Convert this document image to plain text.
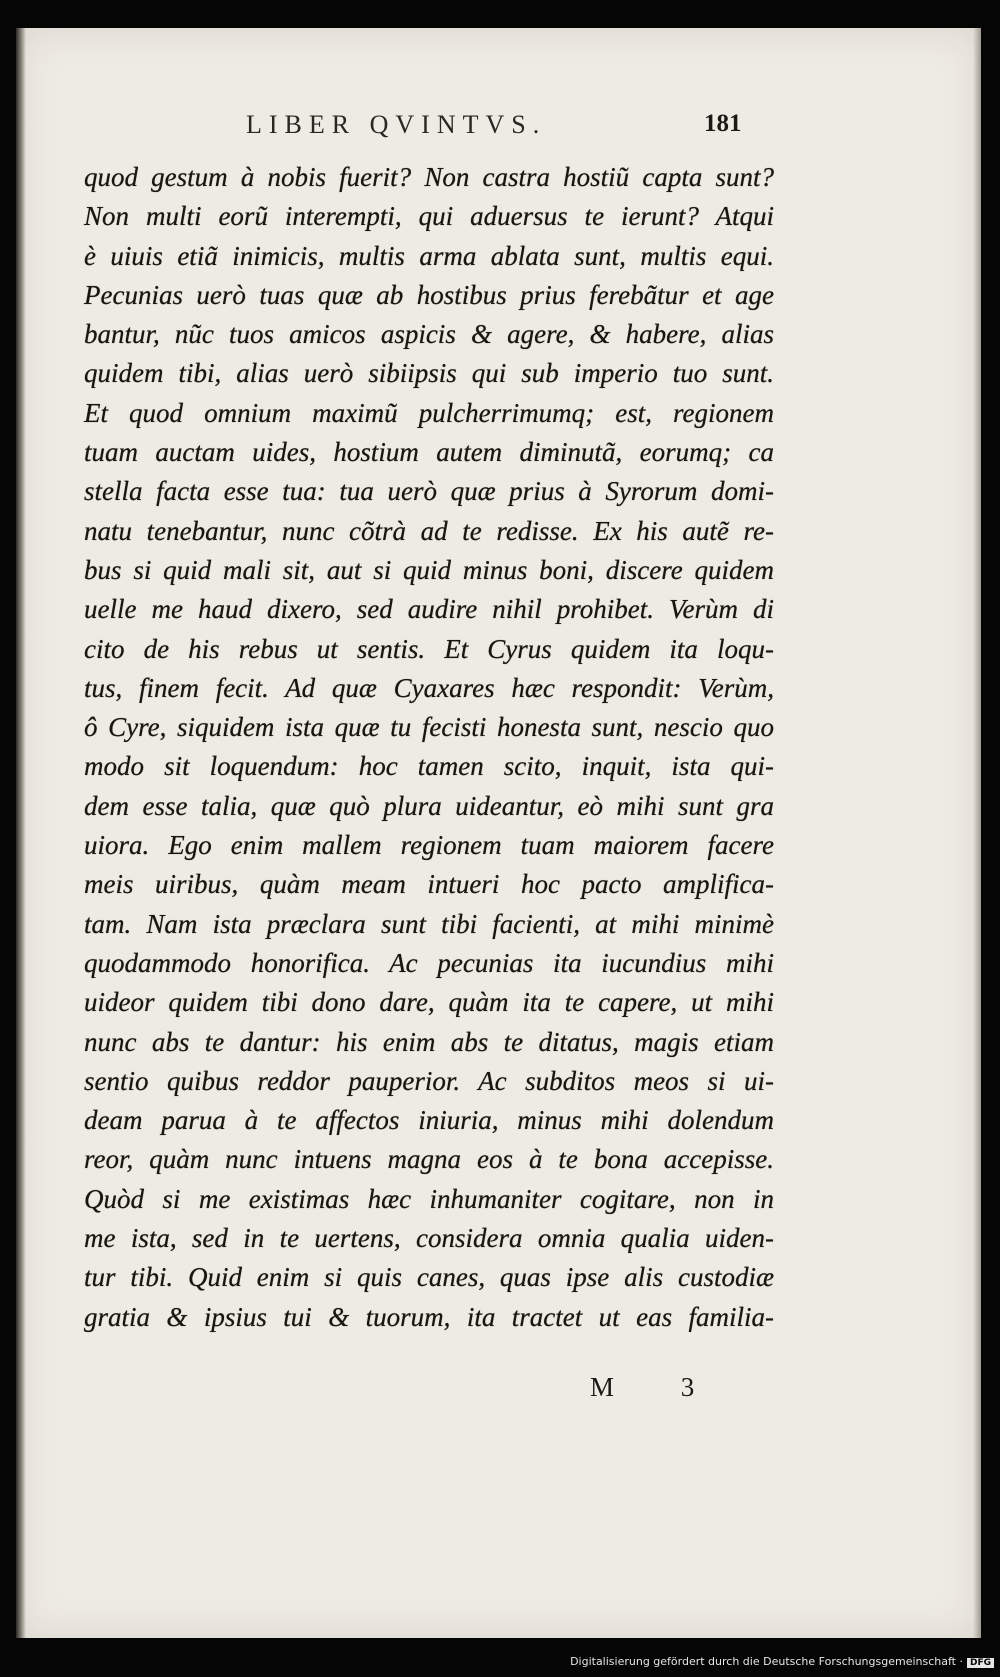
LIBER QVINTVS.	181
quod gestum à nobis fuerit? Non castra hostiũ capta sunt?
Non multi eorũ interempti, qui aduersus te ierunt? Atqui
è uiuis etiã inimicis, multis arma ablata sunt, multis equi.
Pecunias uerò tuas quæ ab hostibus prius ferebãtur et age
bantur, nũc tuos amicos aspicis & agere, & habere, alias
quidem tibi, alias uerò sibiipsis qui sub imperio tuo sunt.
Et quod omnium maximũ pulcherrimumq; est, regionem
tuam auctam uides, hostium autem diminutã, eorumq; ca
stella facta esse tua: tua uerò quæ prius à Syrorum domi-
natu tenebantur, nunc cõtrà ad te redisse. Ex his autẽ re-
bus si quid mali sit, aut si quid minus boni, discere quidem
uelle me haud dixero, sed audire nihil prohibet. Verùm di
cito de his rebus ut sentis. Et Cyrus quidem ita loqu-
tus, finem fecit. Ad quæ Cyaxares hæc respondit: Verùm,
ô Cyre, siquidem ista quæ tu fecisti honesta sunt, nescio quo
modo sit loquendum: hoc tamen scito, inquit, ista qui-
dem esse talia, quæ quò plura uideantur, eò mihi sunt gra
uiora. Ego enim mallem regionem tuam maiorem facere
meis uiribus, quàm meam intueri hoc pacto amplifica-
tam. Nam ista præclara sunt tibi facienti, at mihi minimè
quodammodo honorifica. Ac pecunias ita iucundius mihi
uideor quidem tibi dono dare, quàm ita te capere, ut mihi
nunc abs te dantur: his enim abs te ditatus, magis etiam
sentio quibus reddor pauperior. Ac subditos meos si ui-
deam parua à te affectos iniuria, minus mihi dolendum
reor, quàm nunc intuens magna eos à te bona accepisse.
Quòd si me existimas hæc inhumaniter cogitare, non in
me ista, sed in te uertens, considera omnia qualia uiden-
tur tibi. Quid enim si quis canes, quas ipse alis custodiæ
gratia & ipsius tui & tuorum, ita tractet ut eas familia-
M 3
Digitalisierung gefördert durch die Deutsche Forschungsgemeinschaft · DFG
